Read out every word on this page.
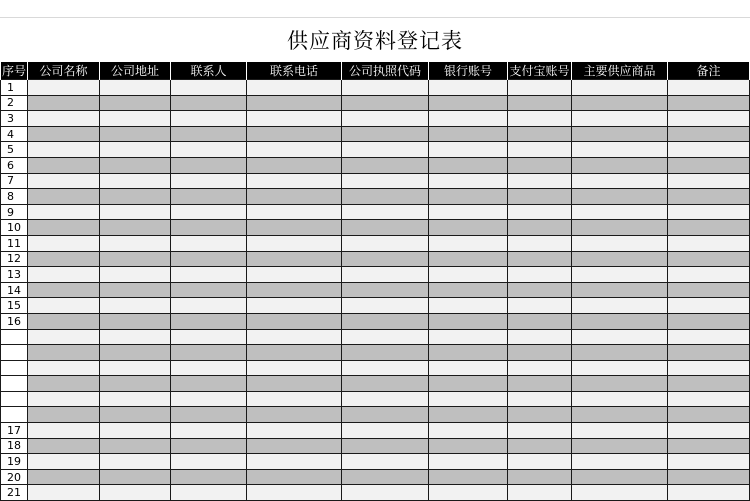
供应商资料登记表
序号	公司名称	公司地址	联系人	联系电话	公司执照代码	银行账号	支付宝账号	主要供应商品	备注
1									
2									
3									
4									
5									
6									
7									
8									
9									
10									
11									
12									
13									
14									
15									
16									

17									
18									
19									
20									
21									
